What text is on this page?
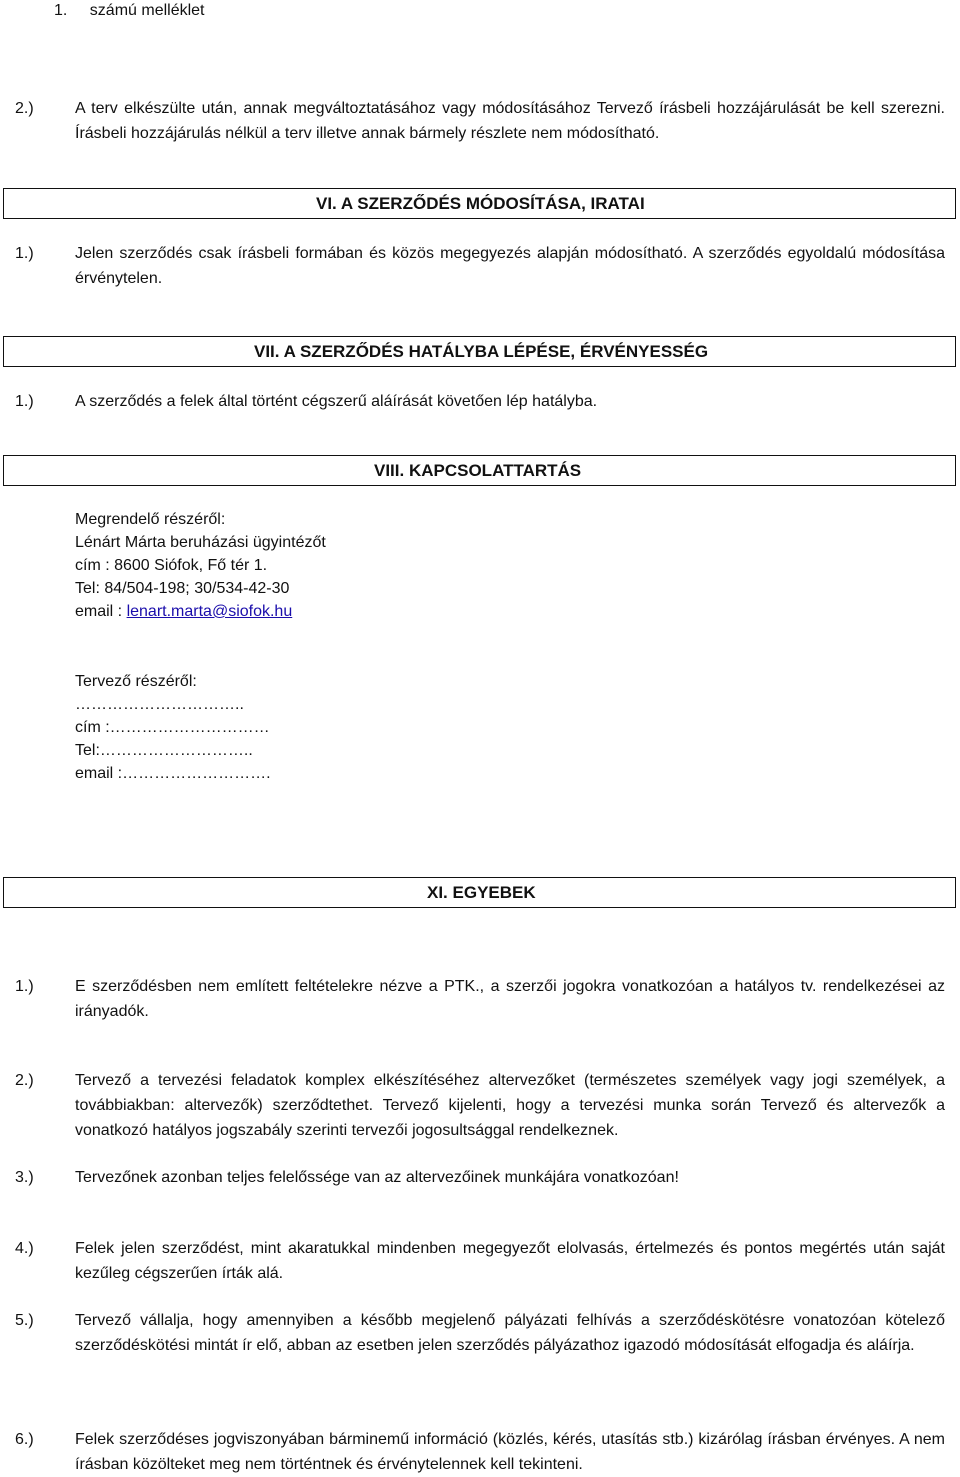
1. számú melléklet
2.)	A terv elkészülte után, annak megváltoztatásához vagy módosításához Tervező írásbeli hozzájárulását be kell szerezni. Írásbeli hozzájárulás nélkül a terv illetve annak bármely részlete nem módosítható.
VI. A SZERZŐDÉS MÓDOSÍTÁSA, IRATAI
1.)	Jelen szerződés csak írásbeli formában és közös megegyezés alapján módosítható. A szerződés egyoldalú módosítása érvénytelen.
VII. A SZERZŐDÉS HATÁLYBA LÉPÉSE, ÉRVÉNYESSÉG
1.)	A szerződés a felek által történt cégszerű aláírását követően lép hatályba.
VIII. KAPCSOLATTARTÁS
Megrendelő részéről:
Lénárt Márta beruházási ügyintézőt
cím : 8600 Siófok, Fő tér 1.
Tel: 84/504-198; 30/534-42-30
email : lenart.marta@siofok.hu
Tervező részéről:
…………………………..
cím :…………………………
Tel:………………………..
email :……………………….
XI. EGYEBEK
1.)	E szerződésben nem említett feltételekre nézve a PTK., a szerzői jogokra vonatkozóan a hatályos tv. rendelkezései az irányadók.
2.)	Tervező a tervezési feladatok komplex elkészítéséhez altervezőket (természetes személyek vagy jogi személyek, a továbbiakban: altervezők) szerződtethet. Tervező kijelenti, hogy a tervezési munka során Tervező és altervezők a vonatkozó hatályos jogszabály szerinti tervezői jogosultsággal rendelkeznek.
3.)	Tervezőnek azonban teljes felelőssége van az altervezőinek munkájára vonatkozóan!
4.)	Felek jelen szerződést, mint akaratukkal mindenben megegyezőt elolvasás, értelmezés és pontos megértés után saját kezűleg cégszerűen írták alá.
5.)	Tervező vállalja, hogy amennyiben a később megjelenő pályázati felhívás a szerződéskötésre vonatozóan kötelező szerződéskötési mintát ír elő, abban az esetben jelen szerződés pályázathoz igazodó módosítását elfogadja és aláírja.
6.)	Felek szerződéses jogviszonyában bárminemű információ (közlés, kérés, utasítás stb.) kizárólag írásban érvényes. A nem írásban közölteket meg nem történtnek és érvénytelennek kell tekinteni.
